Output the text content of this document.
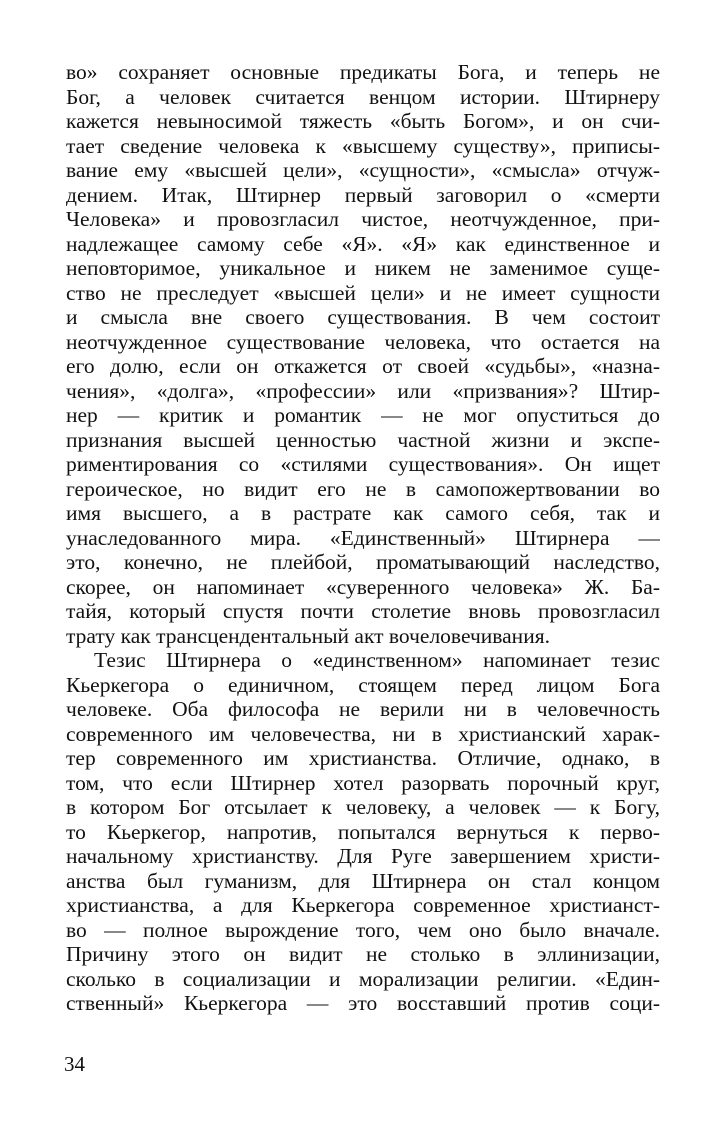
во» сохраняет основные предикаты Бога, и теперь не
Бог, а человек считается венцом истории. Штирнеру
кажется невыносимой тяжесть «быть Богом», и он счи-
тает сведение человека к «высшему существу», приписы-
вание ему «высшей цели», «сущности», «смысла» отчуж-
дением. Итак, Штирнер первый заговорил о «смерти
Человека» и провозгласил чистое, неотчужденное, при-
надлежащее самому себе «Я». «Я» как единственное и
неповторимое, уникальное и никем не заменимое суще-
ство не преследует «высшей цели» и не имеет сущности
и смысла вне своего существования. В чем состоит
неотчужденное существование человека, что остается на
его долю, если он откажется от своей «судьбы», «назна-
чения», «долга», «профессии» или «призвания»? Штир-
нер — критик и романтик — не мог опуститься до
признания высшей ценностью частной жизни и экспе-
риментирования со «стилями существования». Он ищет
героическое, но видит его не в самопожертвовании во
имя высшего, а в растрате как самого себя, так и
унаследованного мира. «Единственный» Штирнера —
это, конечно, не плейбой, проматывающий наследство,
скорее, он напоминает «суверенного человека» Ж. Ба-
тайя, который спустя почти столетие вновь провозгласил
трату как трансцендентальный акт вочеловечивания.
Тезис Штирнера о «единственном» напоминает тезис
Кьеркегора о единичном, стоящем перед лицом Бога
человеке. Оба философа не верили ни в человечность
современного им человечества, ни в христианский харак-
тер современного им христианства. Отличие, однако, в
том, что если Штирнер хотел разорвать порочный круг,
в котором Бог отсылает к человеку, а человек — к Богу,
то Кьеркегор, напротив, попытался вернуться к перво-
начальному христианству. Для Руге завершением христи-
анства был гуманизм, для Штирнера он стал концом
христианства, а для Кьеркегора современное христианст-
во — полное вырождение того, чем оно было вначале.
Причину этого он видит не столько в эллинизации,
сколько в социализации и морализации религии. «Един-
ственный» Кьеркегора — это восставший против соци-
34
